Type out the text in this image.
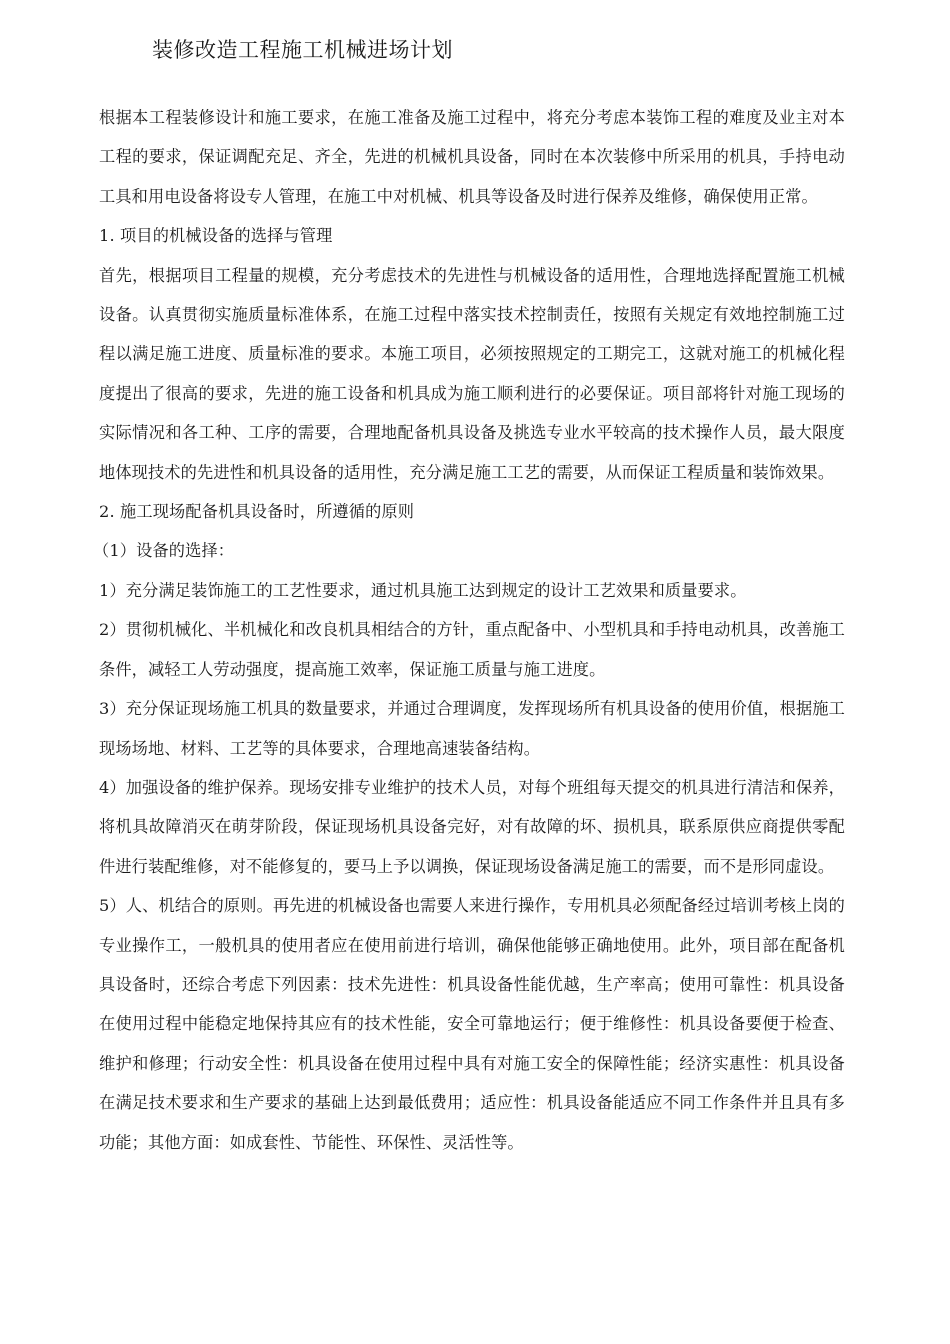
装修改造工程施工机械进场计划

根据本工程装修设计和施工要求，在施工准备及施工过程中，将充分考虑本装饰工程的难度及业主对本工程的要求，保证调配充足、齐全，先进的机械机具设备，同时在本次装修中所采用的机具，手持电动工具和用电设备将设专人管理，在施工中对机械、机具等设备及时进行保养及维修，确保使用正常。

1. 项目的机械设备的选择与管理

首先，根据项目工程量的规模，充分考虑技术的先进性与机械设备的适用性，合理地选择配置施工机械设备。认真贯彻实施质量标准体系，在施工过程中落实技术控制责任，按照有关规定有效地控制施工过程以满足施工进度、质量标准的要求。本施工项目，必须按照规定的工期完工，这就对施工的机械化程度提出了很高的要求，先进的施工设备和机具成为施工顺利进行的必要保证。项目部将针对施工现场的实际情况和各工种、工序的需要，合理地配备机具设备及挑选专业水平较高的技术操作人员，最大限度地体现技术的先进性和机具设备的适用性，充分满足施工工艺的需要，从而保证工程质量和装饰效果。

2. 施工现场配备机具设备时，所遵循的原则

（1）设备的选择：

1）充分满足装饰施工的工艺性要求，通过机具施工达到规定的设计工艺效果和质量要求。

2）贯彻机械化、半机械化和改良机具相结合的方针，重点配备中、小型机具和手持电动机具，改善施工条件，减轻工人劳动强度，提高施工效率，保证施工质量与施工进度。

3）充分保证现场施工机具的数量要求，并通过合理调度，发挥现场所有机具设备的使用价值，根据施工现场场地、材料、工艺等的具体要求，合理地高速装备结构。

4）加强设备的维护保养。现场安排专业维护的技术人员，对每个班组每天提交的机具进行清洁和保养，将机具故障消灭在萌芽阶段，保证现场机具设备完好，对有故障的坏、损机具，联系原供应商提供零配件进行装配维修，对不能修复的，要马上予以调换，保证现场设备满足施工的需要，而不是形同虚设。

5）人、机结合的原则。再先进的机械设备也需要人来进行操作，专用机具必须配备经过培训考核上岗的专业操作工，一般机具的使用者应在使用前进行培训，确保他能够正确地使用。此外，项目部在配备机具设备时，还综合考虑下列因素：技术先进性：机具设备性能优越，生产率高；使用可靠性：机具设备在使用过程中能稳定地保持其应有的技术性能，安全可靠地运行；便于维修性：机具设备要便于检查、维护和修理；行动安全性：机具设备在使用过程中具有对施工安全的保障性能；经济实惠性：机具设备在满足技术要求和生产要求的基础上达到最低费用；适应性：机具设备能适应不同工作条件并且具有多功能；其他方面：如成套性、节能性、环保性、灵活性等。
